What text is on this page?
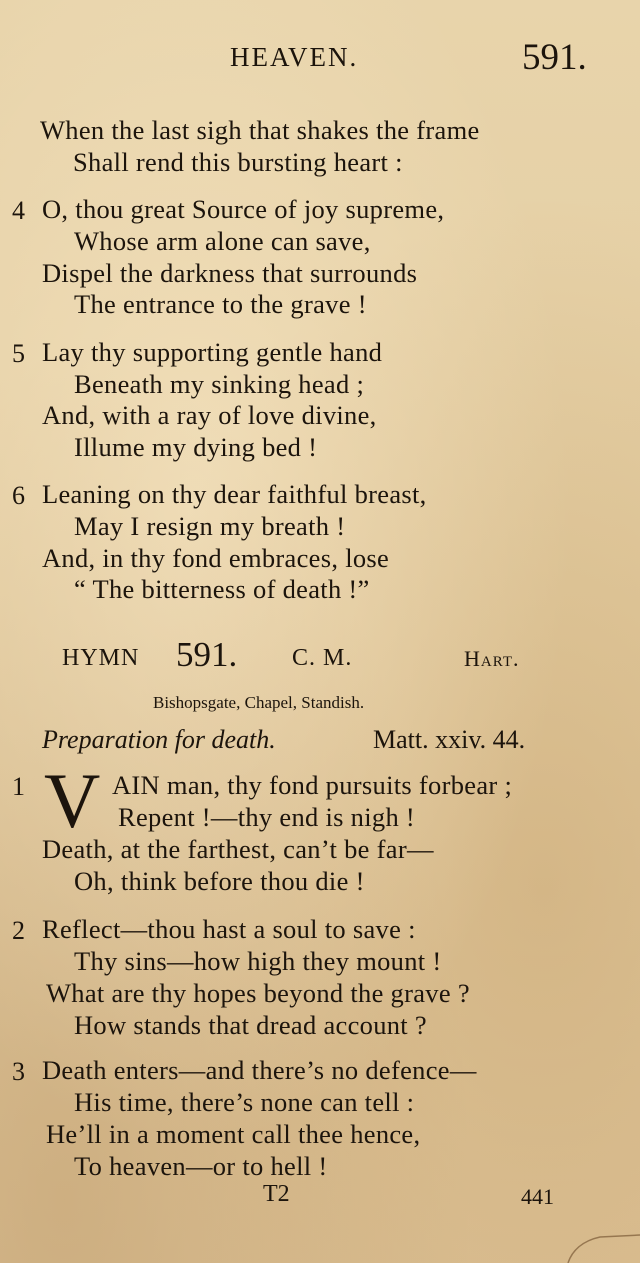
HEAVEN.	591.
When the last sigh that shakes the frame
Shall rend this bursting heart :
4 O, thou great Source of joy supreme,
Whose arm alone can save,
Dispel the darkness that surrounds
The entrance to the grave !
5 Lay thy supporting gentle hand
Beneath my sinking head ;
And, with a ray of love divine,
Illume my dying bed !
6 Leaning on thy dear faithful breast,
May I resign my breath !
And, in thy fond embraces, lose
“ The bitterness of death !”
HYMN 591. C. M.	Hart.
Bishopsgate, Chapel, Standish.
Preparation for death.	Matt. xxiv. 44.
1 V AIN man, thy fond pursuits forbear ;
Repent !—thy end is nigh !
Death, at the farthest, can’t be far—
Oh, think before thou die !
2 Reflect—thou hast a soul to save :
Thy sins—how high they mount !
What are thy hopes beyond the grave ?
How stands that dread account ?
3 Death enters—and there’s no defence—
His time, there’s none can tell :
He’ll in a moment call thee hence,
To heaven—or to hell !
T2	441
